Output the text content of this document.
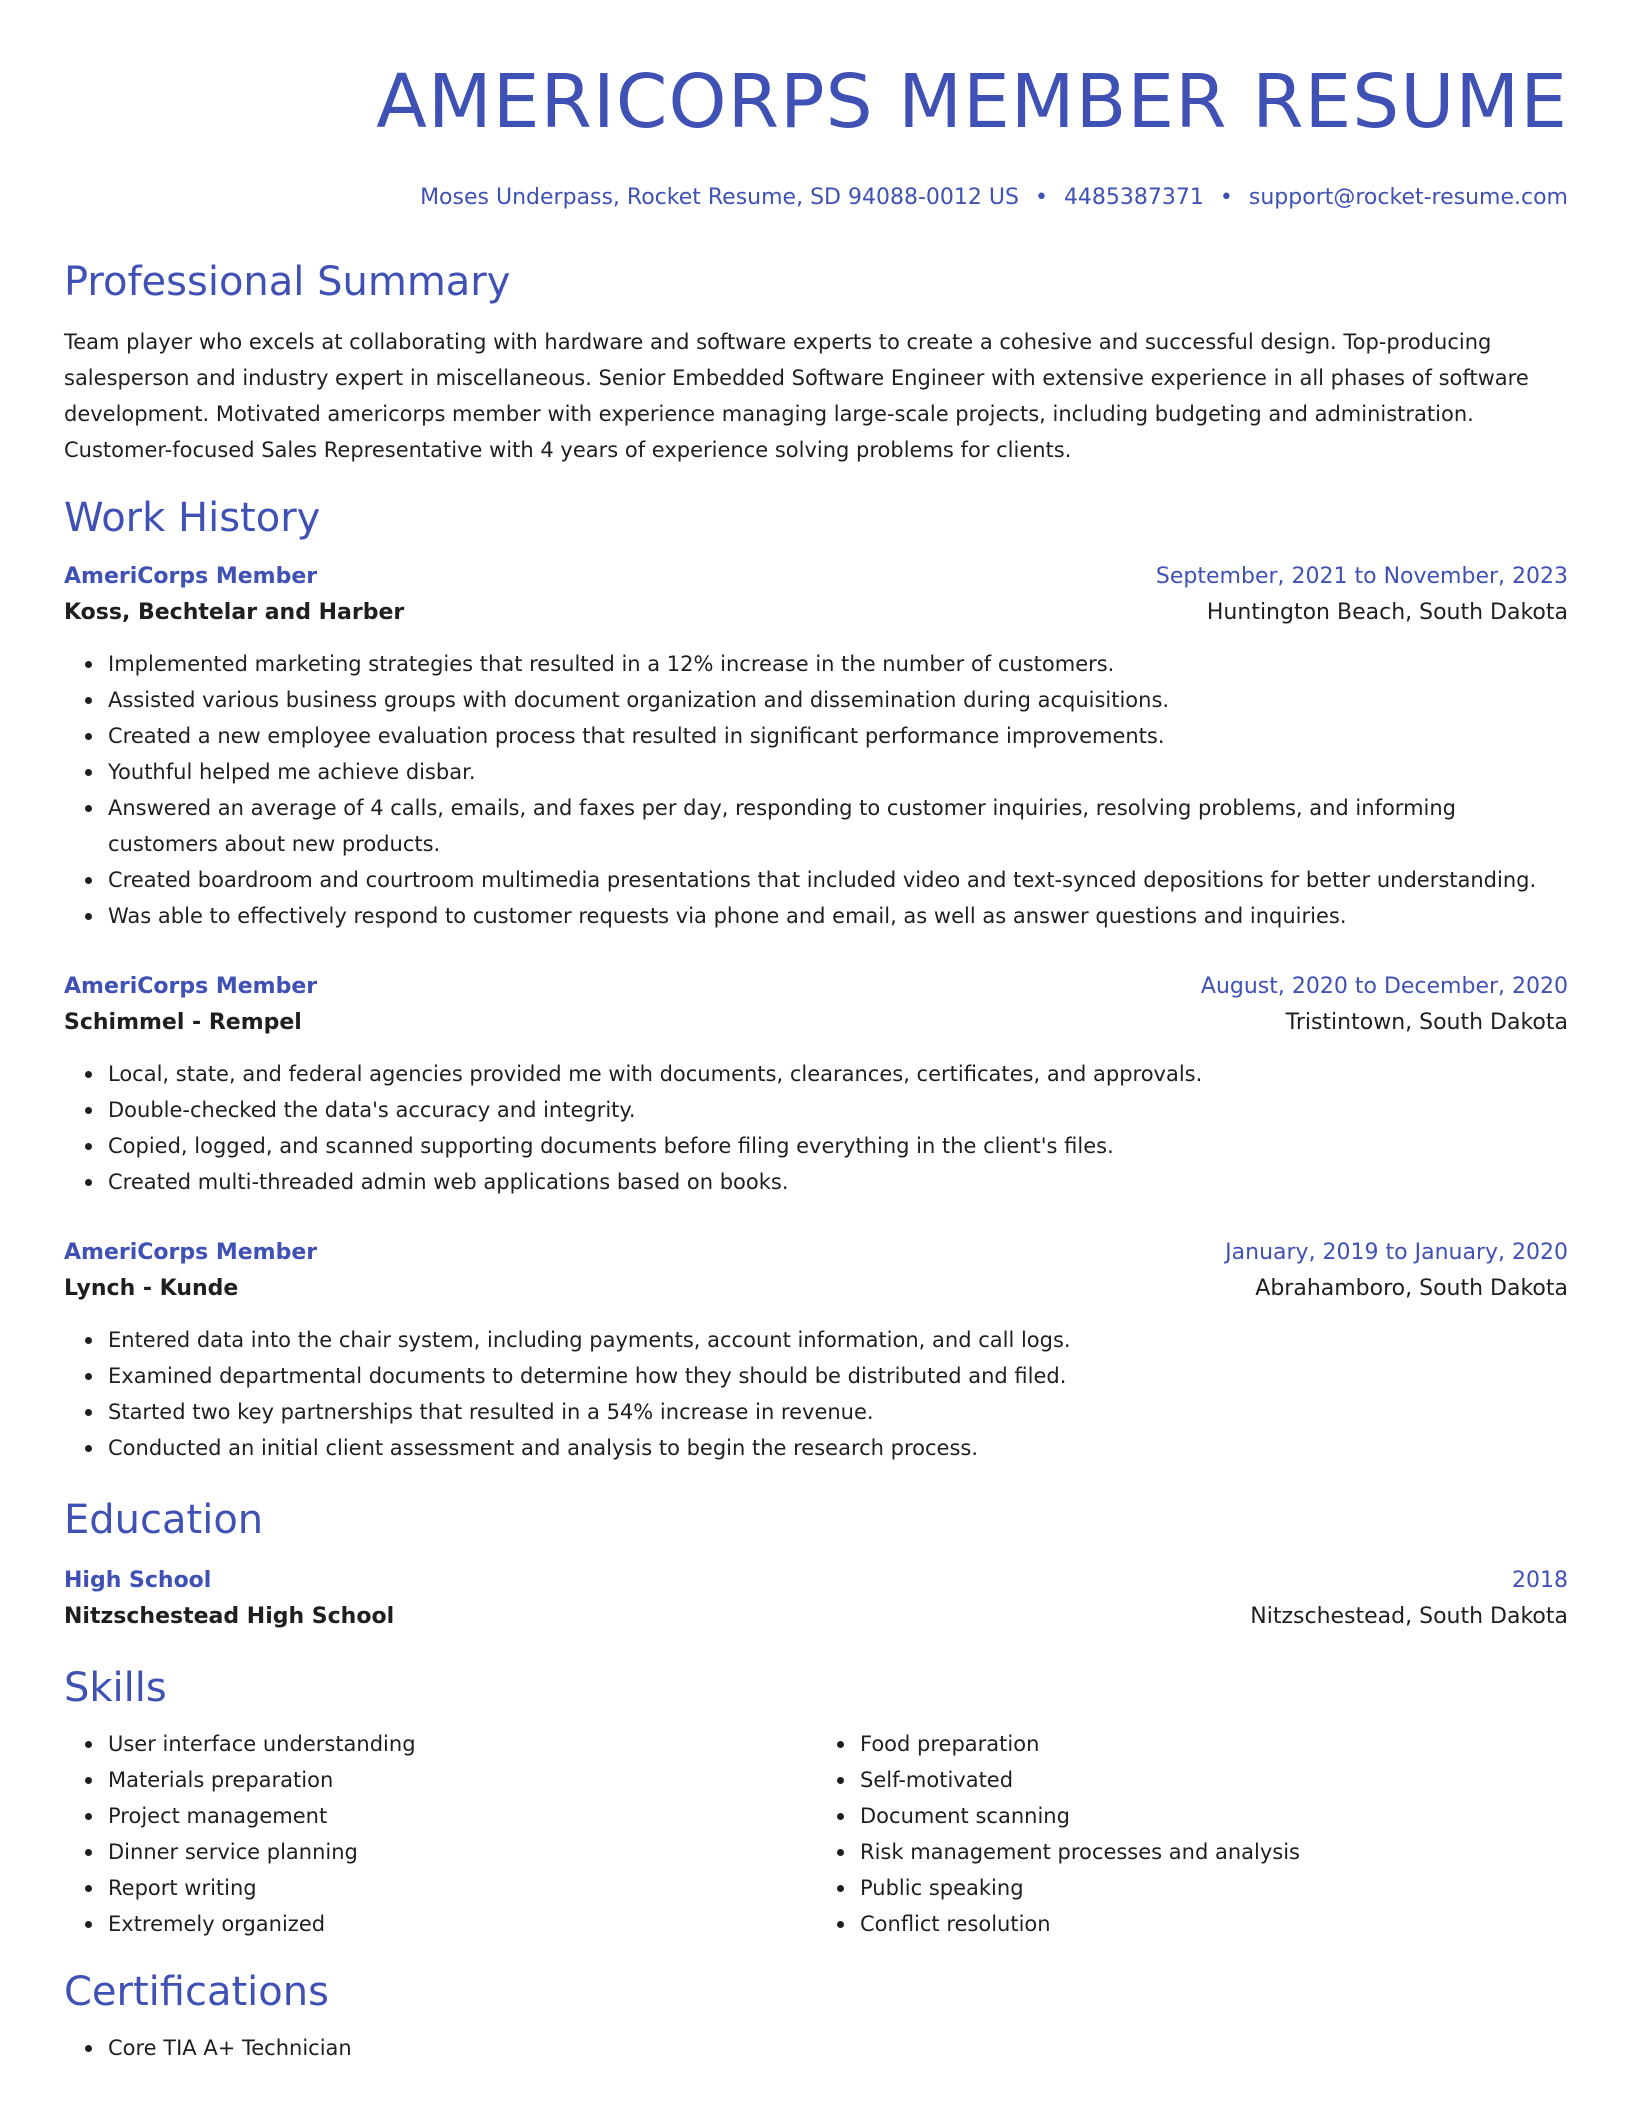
AMERICORPS MEMBER RESUME
Moses Underpass, Rocket Resume, SD 94088-0012 US • 4485387371 • support@rocket-resume.com
Professional Summary

Team player who excels at collaborating with hardware and software experts to create a cohesive and successful design. Top-producing salesperson and industry expert in miscellaneous. Senior Embedded Software Engineer with extensive experience in all phases of software development. Motivated americorps member with experience managing large-scale projects, including budgeting and administration. Customer-focused Sales Representative with 4 years of experience solving problems for clients.

Work History
AmeriCorps Member	September, 2021 to November, 2023
Koss, Bechtelar and Harber	Huntington Beach, South Dakota
Implemented marketing strategies that resulted in a 12% increase in the number of customers.
Assisted various business groups with document organization and dissemination during acquisitions.
Created a new employee evaluation process that resulted in significant performance improvements.
Youthful helped me achieve disbar.
Answered an average of 4 calls, emails, and faxes per day, responding to customer inquiries, resolving problems, and informing customers about new products.
Created boardroom and courtroom multimedia presentations that included video and text-synced depositions for better understanding.
Was able to effectively respond to customer requests via phone and email, as well as answer questions and inquiries.
AmeriCorps Member	August, 2020 to December, 2020
Schimmel - Rempel	Tristintown, South Dakota
Local, state, and federal agencies provided me with documents, clearances, certificates, and approvals.
Double-checked the data's accuracy and integrity.
Copied, logged, and scanned supporting documents before filing everything in the client's files.
Created multi-threaded admin web applications based on books.
AmeriCorps Member	January, 2019 to January, 2020
Lynch - Kunde	Abrahamboro, South Dakota
Entered data into the chair system, including payments, account information, and call logs.
Examined departmental documents to determine how they should be distributed and filed.
Started two key partnerships that resulted in a 54% increase in revenue.
Conducted an initial client assessment and analysis to begin the research process.
Education
High School	2018
Nitzschestead High School	Nitzschestead, South Dakota
Skills
User interface understanding
Materials preparation
Project management
Dinner service planning
Report writing
Extremely organized
Food preparation
Self-motivated
Document scanning
Risk management processes and analysis
Public speaking
Conflict resolution
Certifications
Core TIA A+ Technician
